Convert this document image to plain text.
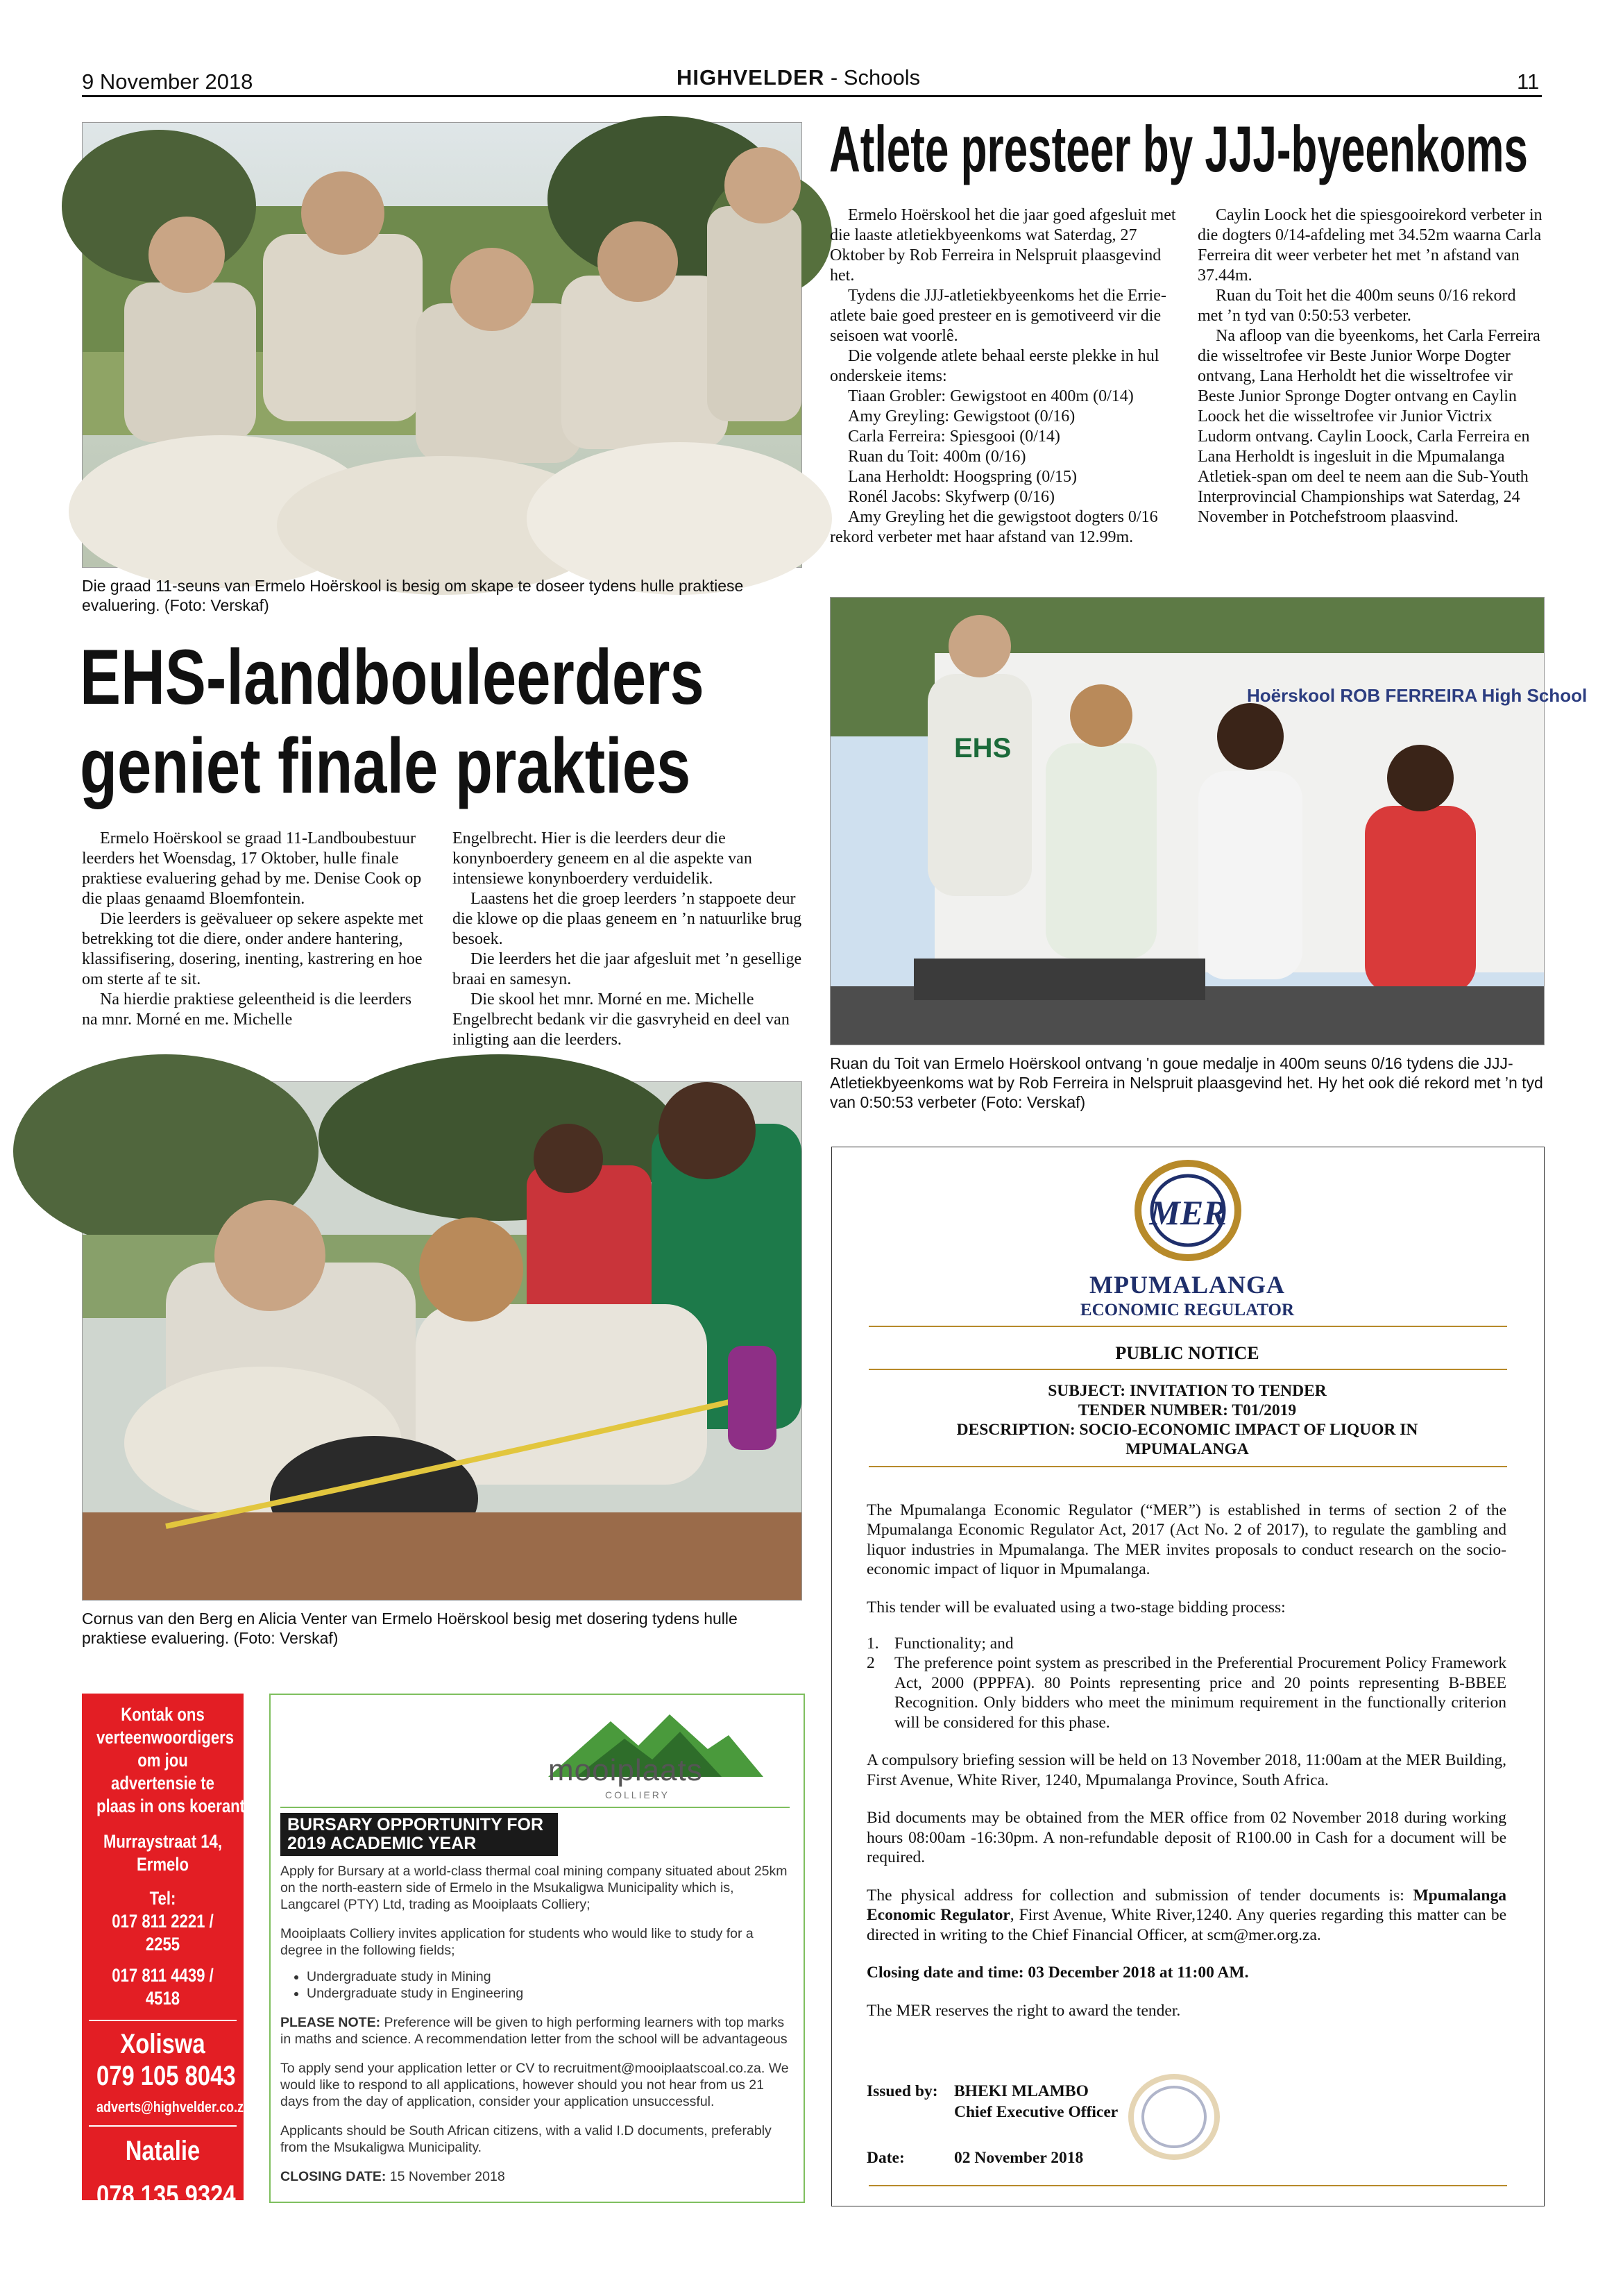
9 November 2018	HIGHVELDER - Schools	11
Die graad 11-seuns van Ermelo Hoërskool is besig om skape te doseer tydens hulle praktiese evaluering. (Foto: Verskaf)
EHS-landbouleerders
geniet finale prakties

Ermelo Hoërskool se graad 11-Landboubestuur leerders het Woensdag, 17 Oktober, hulle finale praktiese evaluering gehad by me. Denise Cook op die plaas genaamd Bloemfontein.

Die leerders is geëvalueer op sekere aspekte met betrekking tot die diere, onder andere hantering, klassifisering, dosering, inenting, kastrering en hoe om sterte af te sit.

Na hierdie praktiese geleentheid is die leerders na mnr. Morné en me. Michelle

Engelbrecht. Hier is die leerders deur die konynboerdery geneem en al die aspekte van intensiewe konynboerdery verduidelik.

Laastens het die groep leerders ’n stapроete deur die klowe op die plaas geneem en ’n natuurlike brug besoek.

Die leerders het die jaar afgesluit met ’n gesellige braai en samesyn.

Die skool het mnr. Morné en me. Michelle Engelbrecht bedank vir die gasvryheid en deel van inligting aan die leerders.

Cornus van den Berg en Alicia Venter van Ermelo Hoërskool besig met dosering tydens hulle praktiese evaluering. (Foto: Verskaf)
Atlete presteer by JJJ-byeenkoms

Ermelo Hoërskool het die jaar goed afgesluit met die laaste atletiekbyeenkoms wat Saterdag, 27 Oktober by Rob Ferreira in Nelspruit plaasgevind het.

Tydens die JJJ-atletiekbyeenkoms het die Errie-atlete baie goed presteer en is gemotiveerd vir die seisoen wat voorlê.

Die volgende atlete behaal eerste plekke in hul onderskeie items:

Tiaan Grobler: Gewigstoot en 400m (0/14)

Amy Greyling: Gewigstoot (0/16)

Carla Ferreira: Spiesgooi (0/14)

Ruan du Toit: 400m (0/16)

Lana Herholdt: Hoogspring (0/15)

Ronél Jacobs: Skyfwerp (0/16)

Amy Greyling het die gewigstoot dogters 0/16 rekord verbeter met haar afstand van 12.99m.

Caylin Loock het die spiesgooirekord verbeter in die dogters 0/14-afdeling met 34.52m waarna Carla Ferreira dit weer verbeter het met ’n afstand van 37.44m.

Ruan du Toit het die 400m seuns 0/16 rekord met ’n tyd van 0:50:53 verbeter.

Na afloop van die byeenkoms, het Carla Ferreira die wisseltrofee vir Beste Junior Worpe Dogter ontvang, Lana Herholdt het die wisseltrofee vir Beste Junior Spronge Dogter ontvang en Caylin Loock het die wisseltrofee vir Junior Victrix Ludorm ontvang. Caylin Loock, Carla Ferreira en Lana Herholdt is ingesluit in die Mpumalanga Atletiek-span om deel te neem aan die Sub-Youth Interprovincial Championships wat Saterdag, 24 November in Potchefstroom plaasvind.

Hoërskool ROB FERREIRA High School
EHS
Ruan du Toit van Ermelo Hoërskool ontvang 'n goue medalje in 400m seuns 0/16 tydens die JJJ-Atletiekbyeenkoms wat by Rob Ferreira in Nelspruit plaasgevind het. Hy het ook dié rekord met ’n tyd van 0:50:53 verbeter (Foto: Verskaf)
MER
MPUMALANGA
ECONOMIC REGULATOR
PUBLIC NOTICE
SUBJECT: INVITATION TO TENDER
TENDER NUMBER: T01/2019
DESCRIPTION: SOCIO-ECONOMIC IMPACT OF LIQUOR IN
MPUMALANGA

The Mpumalanga Economic Regulator (“MER”) is established in terms of section 2 of the Mpumalanga Economic Regulator Act, 2017 (Act No. 2 of 2017), to regulate the gambling and liquor industries in Mpumalanga. The MER invites proposals to conduct research on the socio-economic impact of liquor in Mpumalanga.

This tender will be evaluated using a two-stage bidding process:

1. Functionality; and
2	The preference point system as prescribed in the Preferential Procurement Policy Framework Act, 2000 (PPPFA). 80 Points representing price and 20 points representing B-BBEE Recognition. Only bidders who meet the minimum requirement in the functionally criterion will be considered for this phase.

A compulsory briefing session will be held on 13 November 2018, 11:00am at the MER Building, First Avenue, White River, 1240, Mpumalanga Province, South Africa.

Bid documents may be obtained from the MER office from 02 November 2018 during working hours 08:00am -16:30pm. A non-refundable deposit of R100.00 in Cash for a document will be required.

The physical address for collection and submission of tender documents is: Mpumalanga Economic Regulator, First Avenue, White River,1240. Any queries regarding this matter can be directed in writing to the Chief Financial Officer, at scm@mer.org.za.

Closing date and time: 03 December 2018 at 11:00 AM.

The MER reserves the right to award the tender.

Issued by: BHEKI MLAMBO
Chief Executive Officer
Date:	02 November 2018
Kontak ons
verteenwoordigers
om jou
advertensie te
plaas in ons koerant
Murraystraat 14,
Ermelo
Tel:
017 811 2221 /
2255
017 811 4439 /
4518
Xoliswa
079 105 8043
adverts@highvelder.co.za
Natalie
078 135 9324
sales@highvelder.co.za
mooiplaats
COLLIERY
BURSARY OPPORTUNITY FOR
2019 ACADEMIC YEAR

Apply for Bursary at a world-class thermal coal mining company situated about 25km on the north-eastern side of Ermelo in the Msukaligwa Municipality which is, Langcarel (PTY) Ltd, trading as Mooiplaats Colliery;

Mooiplaats Colliery invites application for students who would like to study for a degree in the following fields;

• Undergraduate study in Mining
• Undergraduate study in Engineering

PLEASE NOTE: Preference will be given to high performing learners with top marks in maths and science. A recommendation letter from the school will be advantageous

To apply send your application letter or CV to recruitment@mooiplaatscoal.co.za. We would like to respond to all applications, however should you not hear from us 21 days from the day of application, consider your application unsuccessful.

Applicants should be South African citizens, with a valid I.D documents, preferably from the Msukaligwa Municipality.

CLOSING DATE: 15 November 2018
